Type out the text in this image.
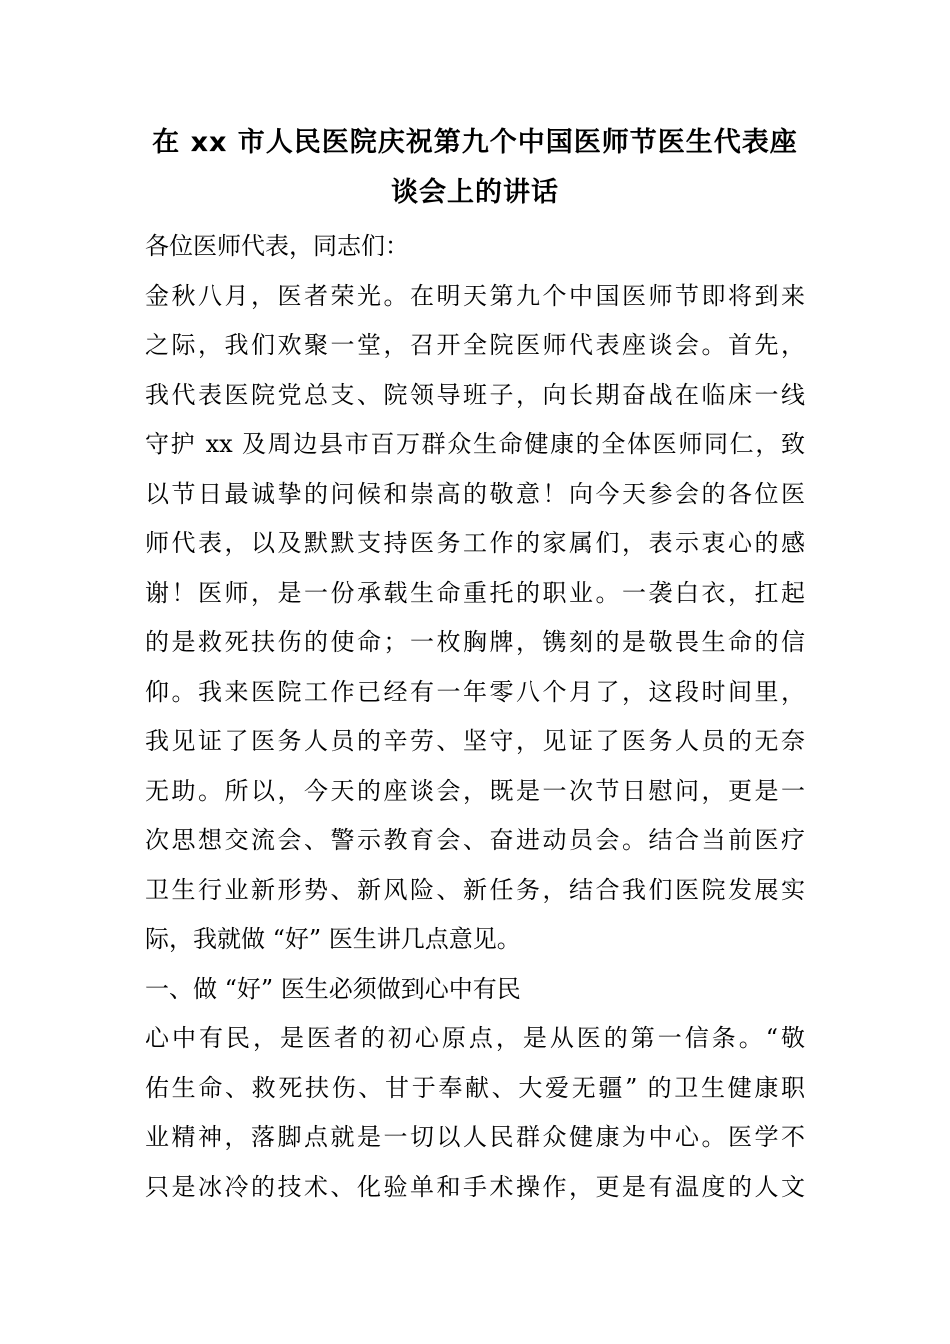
在 xx 市人民医院庆祝第九个中国医师节医生代表座
谈会上的讲话
各位医师代表，同志们：
金秋八月，医者荣光。在明天第九个中国医师节即将到来
之际，我们欢聚一堂，召开全院医师代表座谈会。首先，
我代表医院党总支、院领导班子，向长期奋战在临床一线
守护 xx 及周边县市百万群众生命健康的全体医师同仁，致
以节日最诚挚的问候和崇高的敬意！向今天参会的各位医
师代表，以及默默支持医务工作的家属们，表示衷心的感
谢！医师，是一份承载生命重托的职业。一袭白衣，扛起
的是救死扶伤的使命；一枚胸牌，镌刻的是敬畏生命的信
仰。我来医院工作已经有一年零八个月了，这段时间里，
我见证了医务人员的辛劳、坚守，见证了医务人员的无奈
无助。所以，今天的座谈会，既是一次节日慰问，更是一
次思想交流会、警示教育会、奋进动员会。结合当前医疗
卫生行业新形势、新风险、新任务，结合我们医院发展实
际，我就做 “好” 医生讲几点意见。
一、做 “好” 医生必须做到心中有民
心中有民，是医者的初心原点，是从医的第一信条。“敬
佑生命、救死扶伤、甘于奉献、大爱无疆” 的卫生健康职
业精神，落脚点就是一切以人民群众健康为中心。医学不
只是冰冷的技术、化验单和手术操作，更是有温度的人文
